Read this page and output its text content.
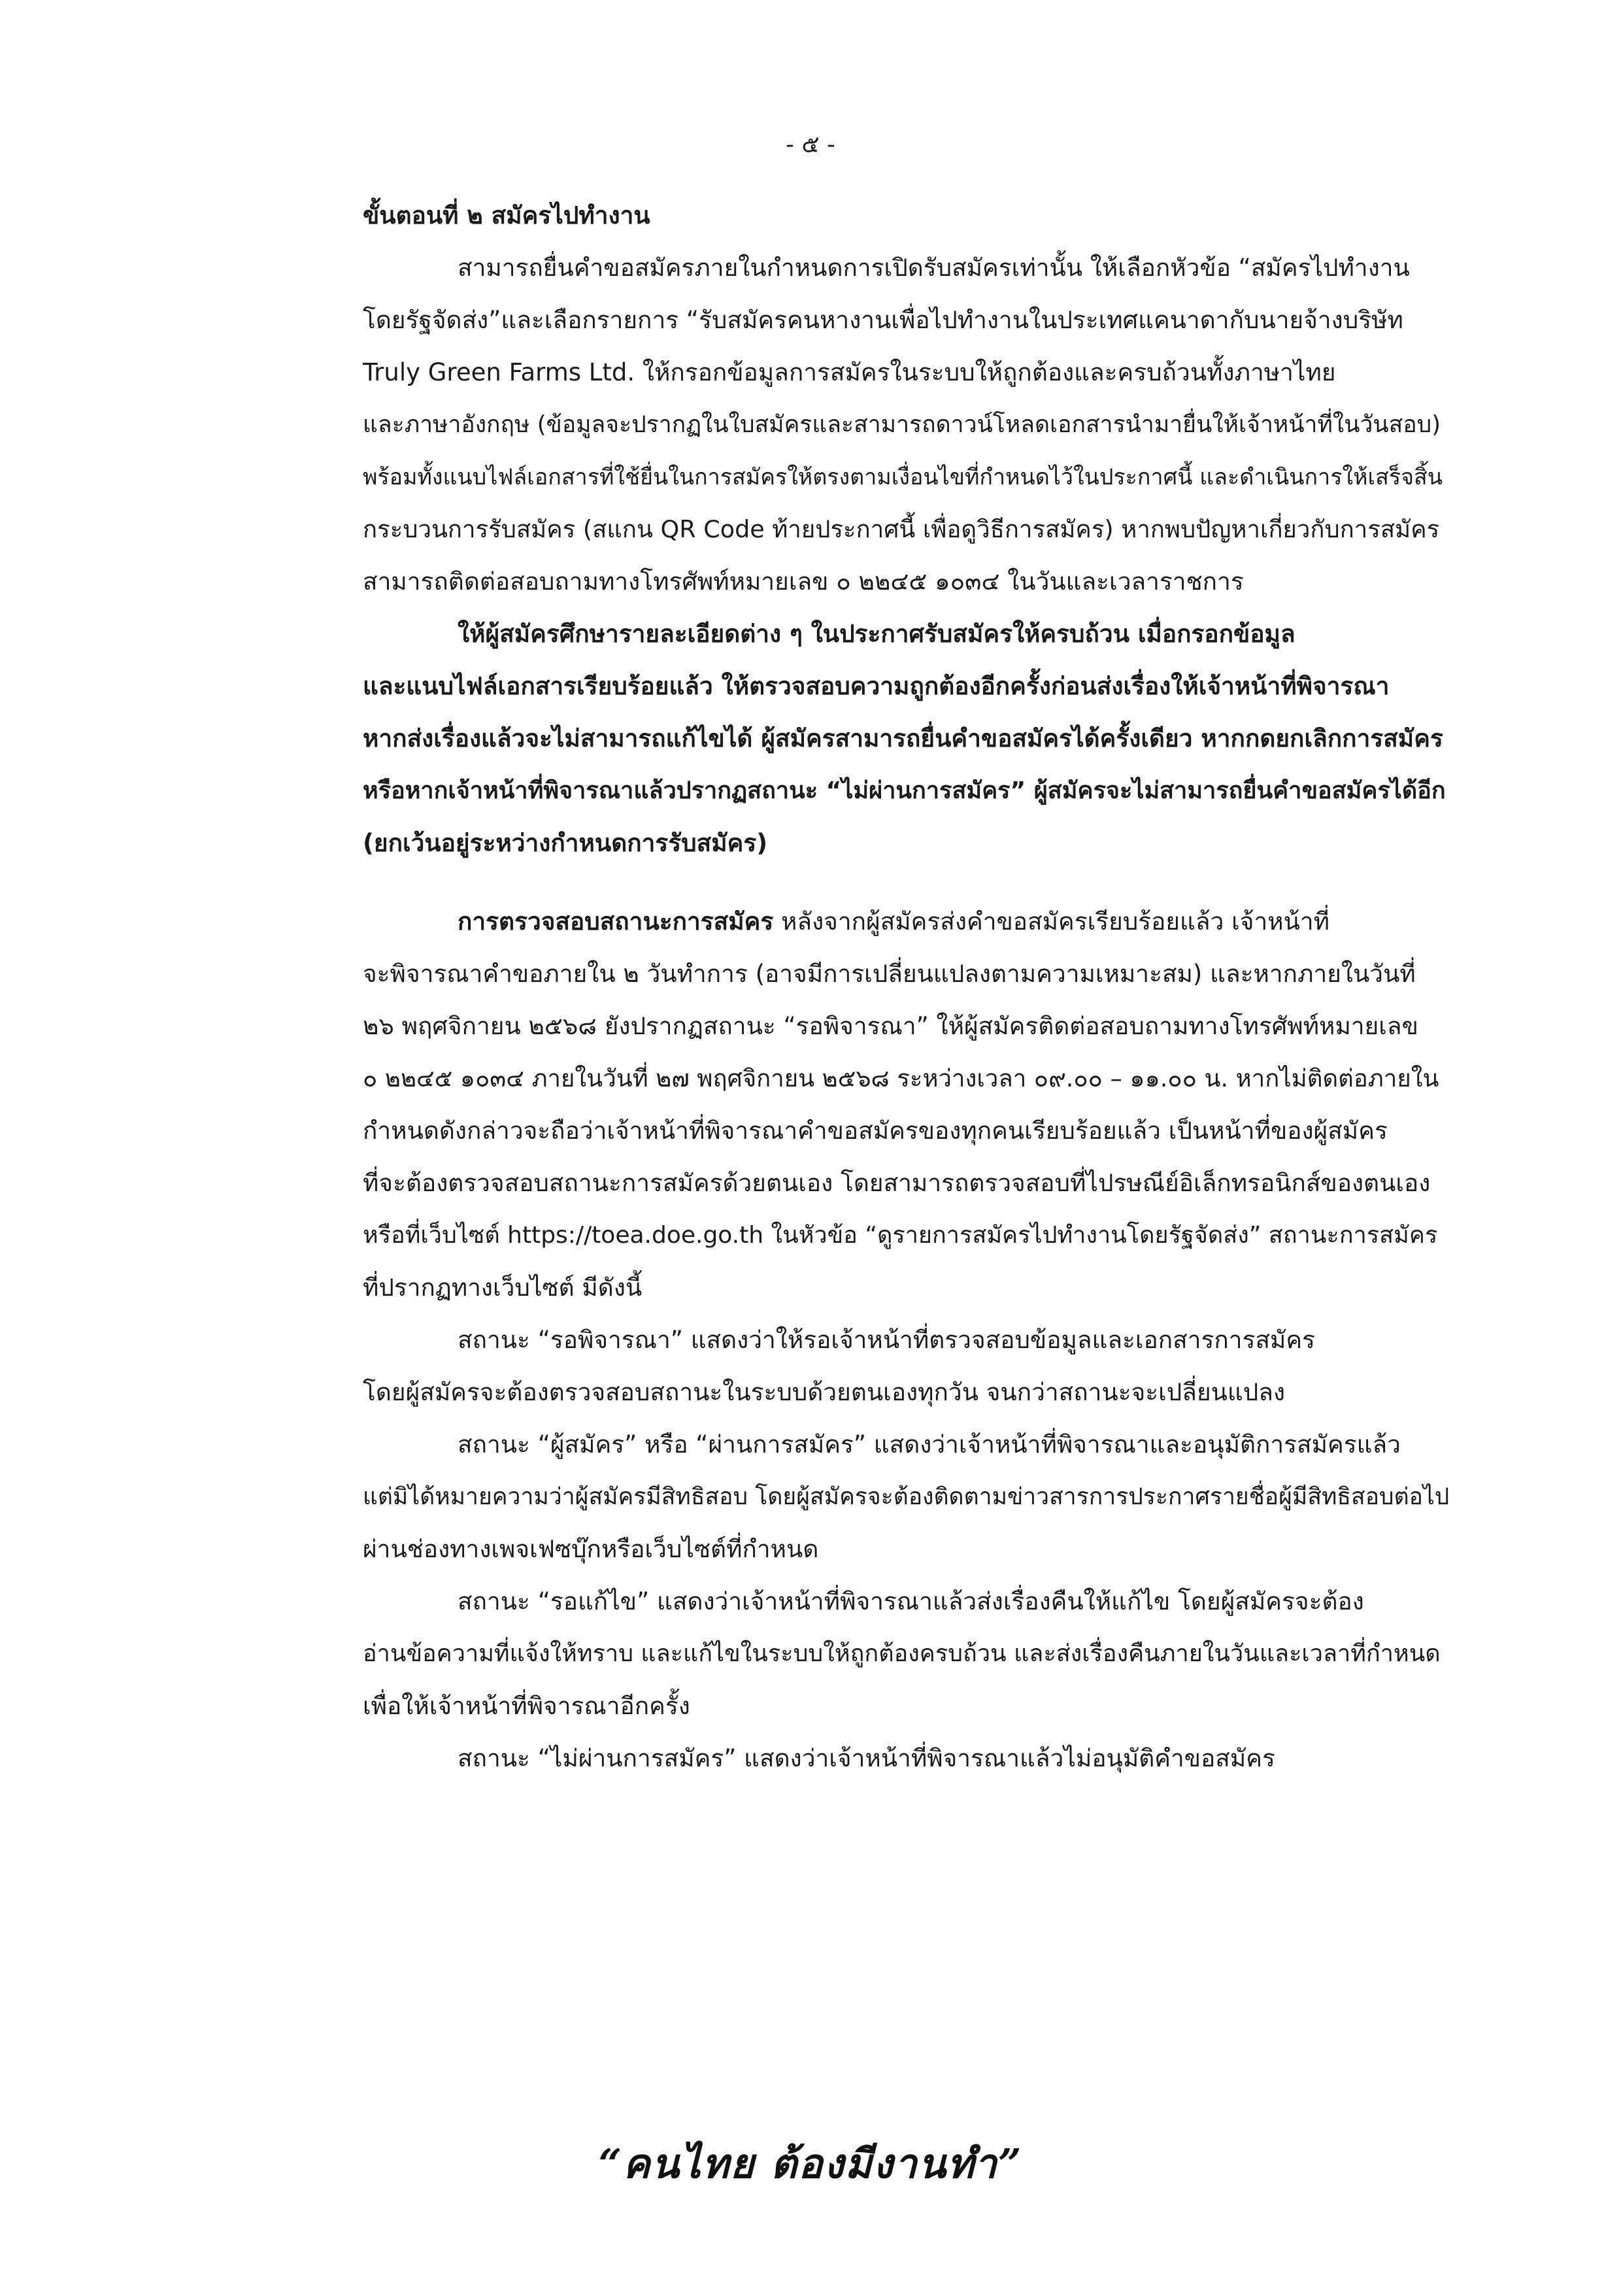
- ๕ -
ขั้นตอนที่ ๒ สมัครไปทำงาน
สามารถยื่นคำขอสมัครภายในกำหนดการเปิดรับสมัครเท่านั้น ให้เลือกหัวข้อ “สมัครไปทำงาน
โดยรัฐจัดส่ง”และเลือกรายการ “รับสมัครคนหางานเพื่อไปทำงานในประเทศแคนาดากับนายจ้างบริษัท
Truly Green Farms Ltd. ให้กรอกข้อมูลการสมัครในระบบให้ถูกต้องและครบถ้วนทั้งภาษาไทย
และภาษาอังกฤษ (ข้อมูลจะปรากฏในใบสมัครและสามารถดาวน์โหลดเอกสารนำมายื่นให้เจ้าหน้าที่ในวันสอบ)
พร้อมทั้งแนบไฟล์เอกสารที่ใช้ยื่นในการสมัครให้ตรงตามเงื่อนไขที่กำหนดไว้ในประกาศนี้ และดำเนินการให้เสร็จสิ้น
กระบวนการรับสมัคร (สแกน QR Code ท้ายประกาศนี้ เพื่อดูวิธีการสมัคร) หากพบปัญหาเกี่ยวกับการสมัคร
สามารถติดต่อสอบถามทางโทรศัพท์หมายเลข ๐ ๒๒๔๕ ๑๐๓๔ ในวันและเวลาราชการ
ให้ผู้สมัครศึกษารายละเอียดต่าง ๆ ในประกาศรับสมัครให้ครบถ้วน เมื่อกรอกข้อมูล
และแนบไฟล์เอกสารเรียบร้อยแล้ว ให้ตรวจสอบความถูกต้องอีกครั้งก่อนส่งเรื่องให้เจ้าหน้าที่พิจารณา
หากส่งเรื่องแล้วจะไม่สามารถแก้ไขได้ ผู้สมัครสามารถยื่นคำขอสมัครได้ครั้งเดียว หากกดยกเลิกการสมัคร
หรือหากเจ้าหน้าที่พิจารณาแล้วปรากฏสถานะ “ไม่ผ่านการสมัคร” ผู้สมัครจะไม่สามารถยื่นคำขอสมัครได้อีก
(ยกเว้นอยู่ระหว่างกำหนดการรับสมัคร)
การตรวจสอบสถานะการสมัคร หลังจากผู้สมัครส่งคำขอสมัครเรียบร้อยแล้ว เจ้าหน้าที่
จะพิจารณาคำขอภายใน ๒ วันทำการ (อาจมีการเปลี่ยนแปลงตามความเหมาะสม) และหากภายในวันที่
๒๖ พฤศจิกายน ๒๕๖๘ ยังปรากฏสถานะ “รอพิจารณา” ให้ผู้สมัครติดต่อสอบถามทางโทรศัพท์หมายเลข
๐ ๒๒๔๕ ๑๐๓๔ ภายในวันที่ ๒๗ พฤศจิกายน ๒๕๖๘ ระหว่างเวลา ๐๙.๐๐ – ๑๑.๐๐ น. หากไม่ติดต่อภายใน
กำหนดดังกล่าวจะถือว่าเจ้าหน้าที่พิจารณาคำขอสมัครของทุกคนเรียบร้อยแล้ว เป็นหน้าที่ของผู้สมัคร
ที่จะต้องตรวจสอบสถานะการสมัครด้วยตนเอง โดยสามารถตรวจสอบที่ไปรษณีย์อิเล็กทรอนิกส์ของตนเอง
หรือที่เว็บไซต์ https://toea.doe.go.th ในหัวข้อ “ดูรายการสมัครไปทำงานโดยรัฐจัดส่ง” สถานะการสมัคร
ที่ปรากฏทางเว็บไซต์ มีดังนี้
สถานะ “รอพิจารณา” แสดงว่าให้รอเจ้าหน้าที่ตรวจสอบข้อมูลและเอกสารการสมัคร
โดยผู้สมัครจะต้องตรวจสอบสถานะในระบบด้วยตนเองทุกวัน จนกว่าสถานะจะเปลี่ยนแปลง
สถานะ “ผู้สมัคร” หรือ “ผ่านการสมัคร” แสดงว่าเจ้าหน้าที่พิจารณาและอนุมัติการสมัครแล้ว
แต่มิได้หมายความว่าผู้สมัครมีสิทธิสอบ โดยผู้สมัครจะต้องติดตามข่าวสารการประกาศรายชื่อผู้มีสิทธิสอบต่อไป
ผ่านช่องทางเพจเฟซบุ๊กหรือเว็บไซต์ที่กำหนด
สถานะ “รอแก้ไข” แสดงว่าเจ้าหน้าที่พิจารณาแล้วส่งเรื่องคืนให้แก้ไข โดยผู้สมัครจะต้อง
อ่านข้อความที่แจ้งให้ทราบ และแก้ไขในระบบให้ถูกต้องครบถ้วน และส่งเรื่องคืนภายในวันและเวลาที่กำหนด
เพื่อให้เจ้าหน้าที่พิจารณาอีกครั้ง
สถานะ “ไม่ผ่านการสมัคร” แสดงว่าเจ้าหน้าที่พิจารณาแล้วไม่อนุมัติคำขอสมัคร
“คนไทย ต้องมีงานทำ”
